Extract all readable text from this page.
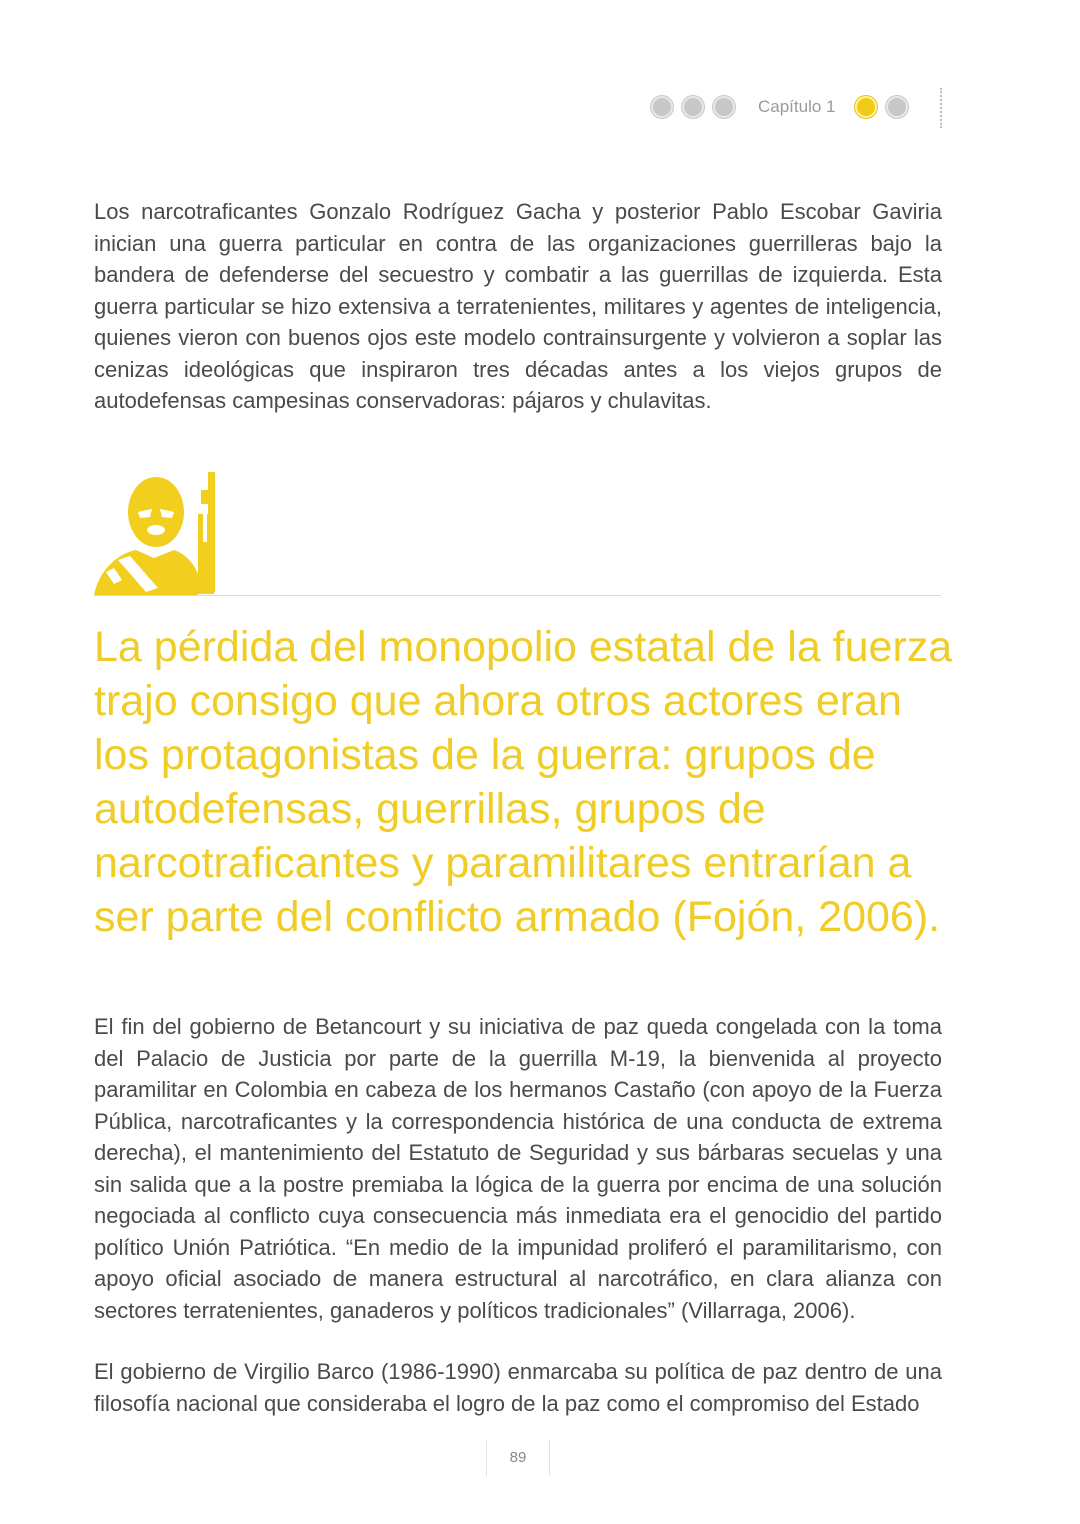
Capítulo 1

Los narcotraficantes Gonzalo Rodríguez Gacha y posterior Pablo Escobar Gaviria inician una guerra particular en contra de las organizaciones guerrilleras bajo la bandera de defenderse del secuestro y combatir a las guerrillas de izquierda. Esta guerra particular se hizo extensiva a terratenientes, militares y agentes de inteligencia, quienes vieron con buenos ojos este modelo contrainsurgente y volvieron a soplar las cenizas ideológicas que inspiraron tres décadas antes a los viejos grupos de autodefensas campesinas conservadoras: pájaros y chulavitas.

La pérdida del monopolio estatal de la fuerza trajo consigo que ahora otros actores eran los protagonistas de la guerra: grupos de autodefensas, guerrillas, grupos de narcotraficantes y paramilitares entrarían a ser parte del conflicto armado (Fojón, 2006).

El fin del gobierno de Betancourt y su iniciativa de paz queda congelada con la toma del Palacio de Justicia por parte de la guerrilla M-19, la bienvenida al proyecto paramilitar en Colombia en cabeza de los hermanos Castaño (con apoyo de la Fuerza Pública, narcotraficantes y la correspondencia histórica de una conducta de extrema derecha), el mantenimiento del Estatuto de Seguridad y sus bárbaras secuelas y una sin salida que a la postre premiaba la lógica de la guerra por encima de una solución negociada al conflicto cuya consecuencia más inmediata era el genocidio del partido político Unión Patriótica. “En medio de la impunidad proliferó el paramilitarismo, con apoyo oficial asociado de manera estructural al narcotráfico, en clara alianza con sectores terratenientes, ganaderos y políticos tradicionales” (Villarraga, 2006).

El gobierno de Virgilio Barco (1986-1990) enmarcaba su política de paz dentro de una filosofía nacional que consideraba el logro de la paz como el compromiso del Estado

89
